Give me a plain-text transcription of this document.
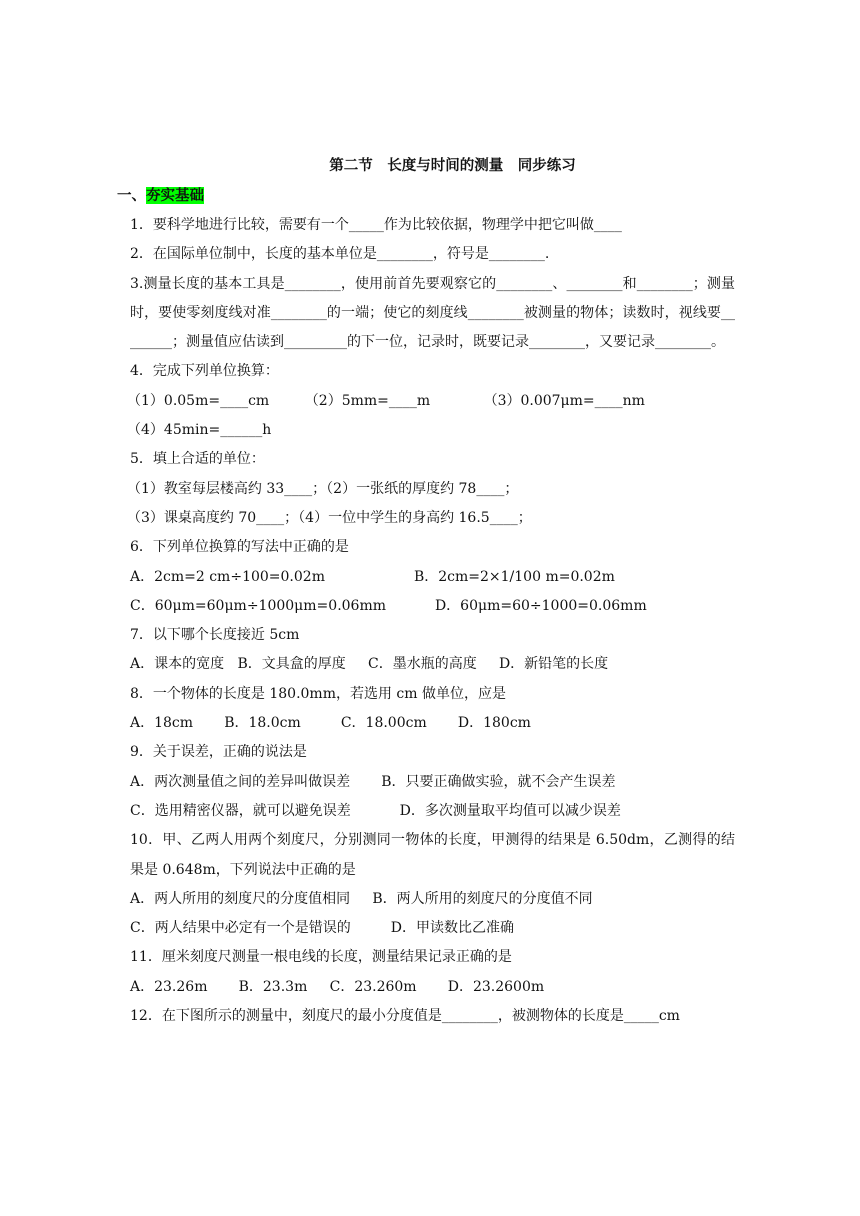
第二节　长度与时间的测量　同步练习
一、夯实基础
1．要科学地进行比较，需要有一个_____作为比较依据，物理学中把它叫做____
2．在国际单位制中，长度的基本单位是________，符号是________.
3.测量长度的基本工具是________，使用前首先要观察它的________、________和________；测量时，要使零刻度线对准________的一端；使它的刻度线________被测量的物体；读数时，视线要________；测量值应估读到_________的下一位，记录时，既要记录________，又要记录________。
4．完成下列单位换算：
（1）0.05m=____cm        （2）5mm=____m            （3）0.007μm=____nm
（4）45min=______h
5．填上合适的单位：
（1）教室每层楼高约 33____；（2）一张纸的厚度约 78____；
（3）课桌高度约 70____；（4）一位中学生的身高约 16.5____；
6．下列单位换算的写法中正确的是
A．2cm=2 cm÷100=0.02m                    B．2cm=2×1/100 m=0.02m
C．60μm=60μm÷1000μm=0.06mm           D．60μm=60÷1000=0.06mm
7．以下哪个长度接近 5cm
A．课本的宽度   B．文具盒的厚度     C．墨水瓶的高度     D．新铅笔的长度
8．一个物体的长度是 180.0mm，若选用 cm 做单位，应是
A．18cm       B．18.0cm         C．18.00cm       D．180cm
9．关于误差，正确的说法是
A．两次测量值之间的差异叫做误差       B．只要正确做实验，就不会产生误差
C．选用精密仪器，就可以避免误差           D．多次测量取平均值可以减少误差
10．甲、乙两人用两个刻度尺，分别测同一物体的长度，甲测得的结果是 6.50dm，乙测得的结果是 0.648m，下列说法中正确的是
A．两人所用的刻度尺的分度值相同     B．两人所用的刻度尺的分度值不同
C．两人结果中必定有一个是错误的         D．甲读数比乙准确
11．厘米刻度尺测量一根电线的长度，测量结果记录正确的是
A．23.26m       B．23.3m     C．23.260m       D．23.2600m
12．在下图所示的测量中，刻度尺的最小分度值是________，被测物体的长度是_____cm
